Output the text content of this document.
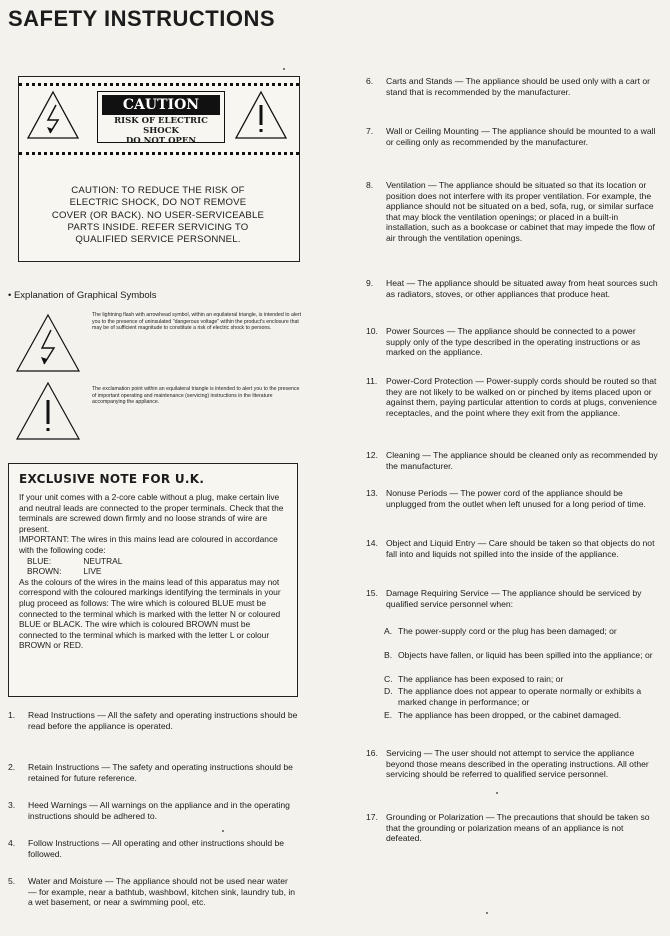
SAFETY INSTRUCTIONS
CAUTION
RISK OF ELECTRIC SHOCK
DO NOT OPEN
CAUTION: TO REDUCE THE RISK OF
ELECTRIC SHOCK, DO NOT REMOVE
COVER (OR BACK). NO USER-SERVICEABLE
PARTS INSIDE. REFER SERVICING TO
QUALIFIED SERVICE PERSONNEL.
• Explanation of Graphical Symbols
The lightning flash with arrowhead symbol, within an equilateral triangle, is intended to alert you to the presence of uninsulated "dangerous voltage" within the product's enclosure that may be of sufficient magnitude to constitute a risk of electric shock to persons.
The exclamation point within an equilateral triangle is intended to alert you to the presence of important operating and maintenance (servicing) instructions in the literature accompanying the appliance.
EXCLUSIVE NOTE FOR U.K.

If your unit comes with a 2-core cable without a plug, make certain live and neutral leads are connected to the proper terminals. Check that the terminals are screwed down firmly and no loose strands of wire are present.

IMPORTANT: The wires in this mains lead are coloured in accordance with the following code:

BLUE:	NEUTRAL
BROWN:	LIVE

As the colours of the wires in the mains lead of this apparatus may not correspond with the coloured markings identifying the terminals in your plug proceed as follows: The wire which is coloured BLUE must be connected to the terminal which is marked with the letter N or coloured BLUE or BLACK. The wire which is coloured BROWN must be connected to the terminal which is marked with the letter L or colour BROWN or RED.

1. Read Instructions — All the safety and operating instructions should be read before the appliance is operated.
2. Retain Instructions — The safety and operating instructions should be retained for future reference.
3. Heed Warnings — All warnings on the appliance and in the operating instructions should be adhered to.
4. Follow Instructions — All operating and other instructions should be followed.
5. Water and Moisture — The appliance should not be used near water — for example, near a bathtub, washbowl, kitchen sink, laundry tub, in a wet basement, or near a swimming pool, etc.
6. Carts and Stands — The appliance should be used only with a cart or stand that is recommended by the manufacturer.
7. Wall or Ceiling Mounting — The appliance should be mounted to a wall or ceiling only as recommended by the manufacturer.
8. Ventilation — The appliance should be situated so that its location or position does not interfere with its proper ventilation. For example, the appliance should not be situated on a bed, sofa, rug, or similar surface that may block the ventilation openings; or placed in a built-in installation, such as a bookcase or cabinet that may impede the flow of air through the ventilation openings.
9. Heat — The appliance should be situated away from heat sources such as radiators, stoves, or other appliances that produce heat.
10. Power Sources — The appliance should be connected to a power supply only of the type described in the operating instructions or as marked on the appliance.
11. Power-Cord Protection — Power-supply cords should be routed so that they are not likely to be walked on or pinched by items placed upon or against them, paying particular attention to cords at plugs, convenience receptacles, and the point where they exit from the appliance.
12. Cleaning — The appliance should be cleaned only as recommended by the manufacturer.
13. Nonuse Periods — The power cord of the appliance should be unplugged from the outlet when left unused for a long period of time.
14. Object and Liquid Entry — Care should be taken so that objects do not fall into and liquids not spilled into the inside of the appliance.
15. Damage Requiring Service — The appliance should be serviced by qualified service personnel when:
16. Servicing — The user should not attempt to service the appliance beyond those means described in the operating instructions. All other servicing should be referred to qualified service personnel.
17. Grounding or Polarization — The precautions that should be taken so that the grounding or polarization means of an appliance is not defeated.
A. The power-supply cord or the plug has been damaged; or
B. Objects have fallen, or liquid has been spilled into the appliance; or
C. The appliance has been exposed to rain; or
D. The appliance does not appear to operate normally or exhibits a marked change in performance; or
E. The appliance has been dropped, or the cabinet damaged.
